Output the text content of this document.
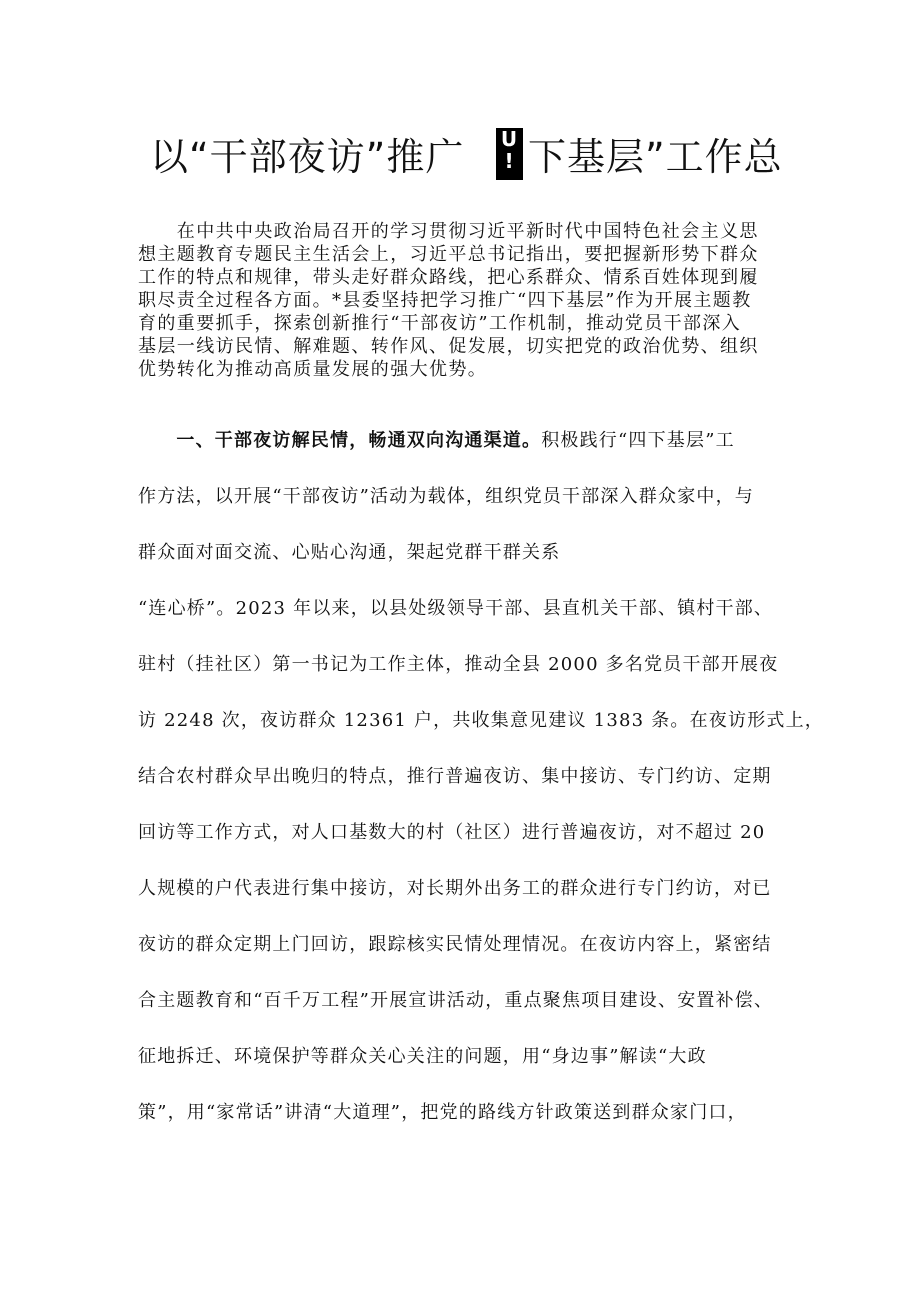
以“干部夜访”推广 U
! 下基层”工作总
　　在中共中央政治局召开的学习贯彻习近平新时代中国特色社会主义思
想主题教育专题民主生活会上，习近平总书记指出，要把握新形势下群众
工作的特点和规律，带头走好群众路线，把心系群众、情系百姓体现到履
职尽责全过程各方面。*县委坚持把学习推广“四下基层”作为开展主题教
育的重要抓手，探索创新推行“干部夜访”工作机制，推动党员干部深入
基层一线访民情、解难题、转作风、促发展，切实把党的政治优势、组织
优势转化为推动高质量发展的强大优势。
　　一、干部夜访解民情，畅通双向沟通渠道。积极践行“四下基层”工
作方法，以开展“干部夜访”活动为载体，组织党员干部深入群众家中，与
群众面对面交流、心贴心沟通，架起党群干群关系
“连心桥”。2023 年以来，以县处级领导干部、县直机关干部、镇村干部、
驻村（挂社区）第一书记为工作主体，推动全县 2000 多名党员干部开展夜
访 2248 次，夜访群众 12361 户，共收集意见建议 1383 条。在夜访形式上，
结合农村群众早出晚归的特点，推行普遍夜访、集中接访、专门约访、定期
回访等工作方式，对人口基数大的村（社区）进行普遍夜访，对不超过 20
人规模的户代表进行集中接访，对长期外出务工的群众进行专门约访，对已
夜访的群众定期上门回访，跟踪核实民情处理情况。在夜访内容上，紧密结
合主题教育和“百千万工程”开展宣讲活动，重点聚焦项目建设、安置补偿、
征地拆迁、环境保护等群众关心关注的问题，用“身边事”解读“大政
策”，用“家常话”讲清“大道理”，把党的路线方针政策送到群众家门口，
